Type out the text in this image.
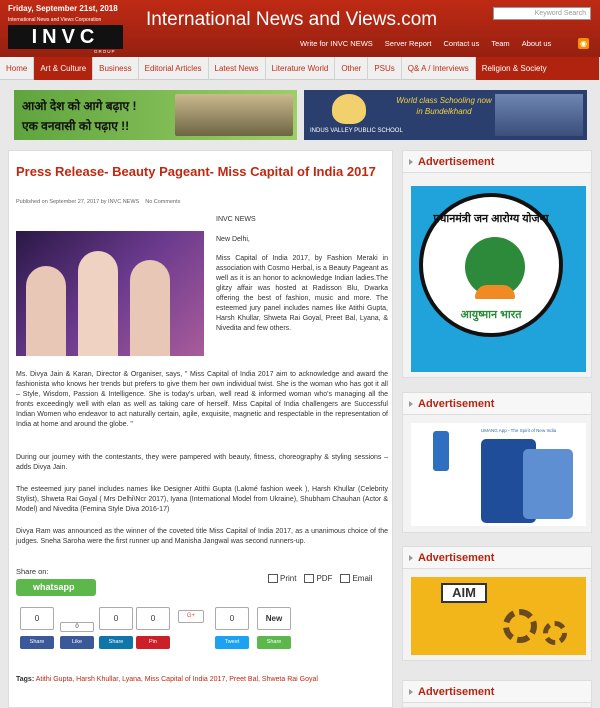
Friday, September 21st, 2018
International News and Views Corporation
INVC
GROUP
International News and Views.com	Keyword Search
Write for INVC NEWS Server Report Contact us Team About us	◉
Home	Art & Culture	Business	Editorial Articles	Latest News	Literature World	Other	PSUs	Q& A / Interviews	Religion & Society
आओ देश को आगे बढ़ाए !
एक वनवासी को पढ़ाए !!	INDUS VALLEY PUBLIC SCHOOL
World class Schooling now in Bundelkhand
Press Release- Beauty Pageant- Miss Capital of India 2017
Published on September 27, 2017 by INVC NEWS No Comments
INVC NEWS
New Delhi,
Miss Capital of India 2017, by Fashion Meraki in association with Cosmo Herbal, is a Beauty Pageant as well as it is an honor to acknowledge Indian ladies.The glitzy affair was hosted at Radisson Blu, Dwarka offering the best of fashion, music and more. The esteemed jury panel includes names like Atithi Gupta, Harsh Khullar, Shweta Rai Goyal, Preet Bal, Lyana, & Nivedita and few others.
Ms. Divya Jain & Karan, Director & Organiser, says, " Miss Capital of India 2017 aim to acknowledge and award the fashionista who knows her trends but prefers to give them her own individual twist. She is the woman who has got it all – Style, Wisdom, Passion & Intelligence. She is today's urban, well read & informed woman who's managing all the fronts exceedingly well with elan as well as taking care of herself. Miss Capital of India challengers are Successful Indian Women who endeavor to act naturally certain, agile, exquisite, magnetic and respectable in the representation of India at home and around the globe. "
During our journey with the contestants, they were pampered with beauty, fitness, choreography & styling sessions – adds Divya Jain.
The esteemed jury panel includes names like Designer Atithi Gupta (Lakmé fashion week ), Harsh Khullar (Celebrity Stylist), Shweta Rai Goyal ( Mrs Delhi\Ncr 2017), Iyana (International Model from Ukraine), Shubham Chauhan (Actor & Model) and Nivedita (Femina Style Diva 2016-17)
Divya Ram was announced as the winner of the coveted title Miss Capital of India 2017, as a unanimous choice of the judges. Sneha Saroha were the first runner up and Manisha Jangwal was second runners-up.
Share on:
whatsapp
Print	PDF	Email
0
0
0	0	G+	0	New
Share	Like	Share	Pin	Tweet	Share
Tags: Atithi Gupta, Harsh Khullar, Lyana, Miss Capital of India 2017, Preet Bal, Shweta Rai Goyal
Advertisement
प्रधानमंत्री जन आरोग्य योजना
आयुष्मान भारत
Advertisement
UMANG App - The Spirit of New India
Advertisement
AIM
Advertisement
